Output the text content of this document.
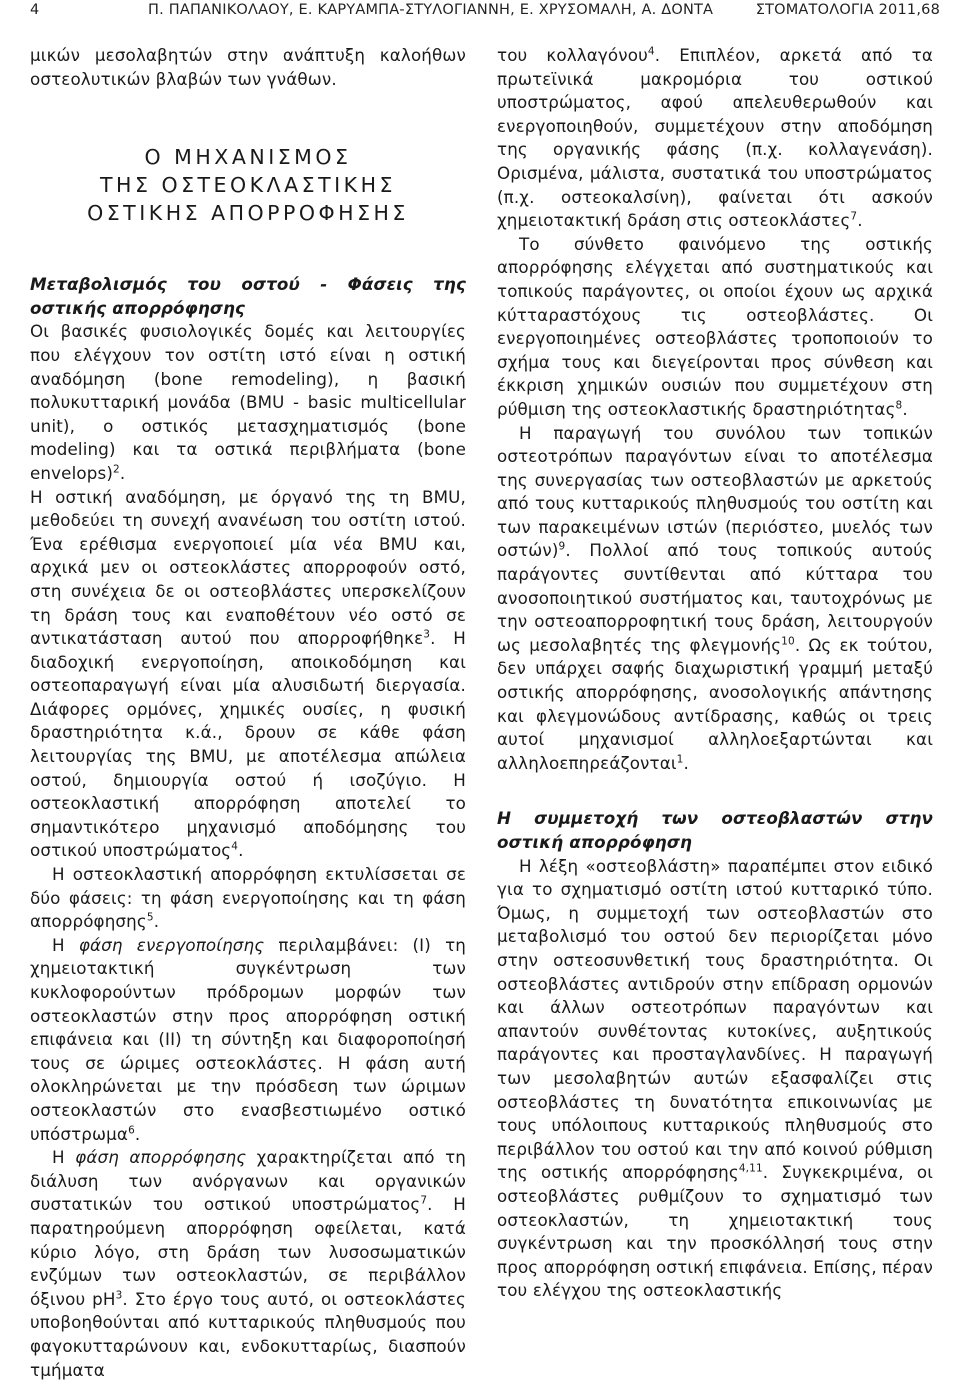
4	Π. ΠΑΠΑΝΙΚΟΛΑΟΥ, Ε. ΚΑΡΥΑΜΠΑ-ΣΤΥΛΟΓΙΑΝΝΗ, Ε. ΧΡΥΣΟΜΑΛΗ, Α. ΔΟΝΤΑ	ΣΤΟΜΑΤΟΛΟΓΙΑ 2011,68

μικών μεσολαβητών στην ανάπτυξη καλοήθων οστεολυτικών βλαβών των γνάθων.

Ο ΜΗΧΑΝΙΣΜΟΣ
ΤΗΣ ΟΣΤΕΟΚΛΑΣΤΙΚΗΣ
ΟΣΤΙΚΗΣ ΑΠΟΡΡΟΦΗΣΗΣ

Μεταβολισμός του οστού - Φάσεις της οστικής απορρόφησης

Οι βασικές φυσιολογικές δομές και λειτουργίες που ελέγχουν τον οστίτη ιστό είναι η οστική αναδόμηση (bone remodeling), η βασική πολυκυτταρική μονάδα (BMU - basic multicellular unit), ο οστικός μετασχηματισμός (bone modeling) και τα οστικά περιβλήματα (bone envelops)$^2$.

Η οστική αναδόμηση, με όργανό της τη BMU, μεθοδεύει τη συνεχή ανανέωση του οστίτη ιστού. Ένα ερέθισμα ενεργοποιεί μία νέα BMU και, αρχικά μεν οι οστεοκλάστες απορροφούν οστό, στη συνέχεια δε οι οστεοβλάστες υπερσκελίζουν τη δράση τους και εναποθέτουν νέο οστό σε αντικατάσταση αυτού που απορροφήθηκε$^3$. Η διαδοχική ενεργοποίηση, αποικοδόμηση και οστεοπαραγωγή είναι μία αλυσιδωτή διεργασία. Διάφορες ορμόνες, χημικές ουσίες, η φυσική δραστηριότητα κ.ά., δρουν σε κάθε φάση λειτουργίας της BMU, με αποτέλεσμα απώλεια οστού, δημιουργία οστού ή ισοζύγιο. Η οστεοκλαστική απορρόφηση αποτελεί το σημαντικότερο μηχανισμό αποδόμησης του οστικού υποστρώματος$^4$.

Η οστεοκλαστική απορρόφηση εκτυλίσσεται σε δύο φάσεις: τη φάση ενεργοποίησης και τη φάση απορρόφησης$^5$.

Η φάση ενεργοποίησης περιλαμβάνει: (Ι) τη χημειοτακτική συγκέντρωση των κυκλοφορούντων πρόδρομων μορφών των οστεοκλαστών στην προς απορρόφηση οστική επιφάνεια και (ΙΙ) τη σύντηξη και διαφοροποίησή τους σε ώριμες οστεοκλάστες. Η φάση αυτή ολοκληρώνεται με την πρόσδεση των ώριμων οστεοκλαστών στο ενασβεστιωμένο οστικό υπόστρωμα$^6$.

Η φάση απορρόφησης χαρακτηρίζεται από τη διάλυση των ανόργανων και οργανικών συστατικών του οστικού υποστρώματος$^7$. Η παρατηρούμενη απορρόφηση οφείλεται, κατά κύριο λόγο, στη δράση των λυσοσωματικών ενζύμων των οστεοκλαστών, σε περιβάλλον όξινου $pH^3$. Στο έργο τους αυτό, οι οστεοκλάστες υποβοηθούνται από κυτταρικούς πληθυσμούς που φαγοκυτταρώνουν και, ενδοκυτταρίως, διασπούν τμήματα

του κολλαγόνου$^4$. Επιπλέον, αρκετά από τα πρωτεϊνικά μακρομόρια του οστικού υποστρώματος, αφού απελευθερωθούν και ενεργοποιηθούν, συμμετέχουν στην αποδόμηση της οργανικής φάσης (π.χ. κολλαγενάση). Ορισμένα, μάλιστα, συστατικά του υποστρώματος (π.χ. οστεοκαλσίνη), φαίνεται ότι ασκούν χημειοτακτική δράση στις οστεοκλάστες$^7$.

Το σύνθετο φαινόμενο της οστικής απορρόφησης ελέγχεται από συστηματικούς και τοπικούς παράγοντες, οι οποίοι έχουν ως αρχικά κύτταραστόχους τις οστεοβλάστες. Οι ενεργοποιημένες οστεοβλάστες τροποποιούν το σχήμα τους και διεγείρονται προς σύνθεση και έκκριση χημικών ουσιών που συμμετέχουν στη ρύθμιση της οστεοκλαστικής δραστηριότητας$^8$.

Η παραγωγή του συνόλου των τοπικών οστεοτρόπων παραγόντων είναι το αποτέλεσμα της συνεργασίας των οστεοβλαστών με αρκετούς από τους κυτταρικούς πληθυσμούς του οστίτη και των παρακειμένων ιστών (περιόστεο, μυελός των οστών)$^9$. Πολλοί από τους τοπικούς αυτούς παράγοντες συντίθενται από κύτταρα του ανοσοποιητικού συστήματος και, ταυτοχρόνως με την οστεοαπορροφητική τους δράση, λειτουργούν ως μεσολαβητές της φλεγμονής$^{10}$. Ως εκ τούτου, δεν υπάρχει σαφής διαχωριστική γραμμή μεταξύ οστικής απορρόφησης, ανοσολογικής απάντησης και φλεγμονώδους αντίδρασης, καθώς οι τρεις αυτοί μηχανισμοί αλληλοεξαρτώνται και αλληλοεπηρεάζονται$^1$.

Η συμμετοχή των οστεοβλαστών στην οστική απορρόφηση

Η λέξη «οστεοβλάστη» παραπέμπει στον ειδικό για το σχηματισμό οστίτη ιστού κυτταρικό τύπο. Όμως, η συμμετοχή των οστεοβλαστών στο μεταβολισμό του οστού δεν περιορίζεται μόνο στην οστεοσυνθετική τους δραστηριότητα. Οι οστεοβλάστες αντιδρούν στην επίδραση ορμονών και άλλων οστεοτρόπων παραγόντων και απαντούν συνθέτοντας κυτοκίνες, αυξητικούς παράγοντες και προσταγλανδίνες. Η παραγωγή των μεσολαβητών αυτών εξασφαλίζει στις οστεοβλάστες τη δυνατότητα επικοινωνίας με τους υπόλοιπους κυτταρικούς πληθυσμούς στο περιβάλλον του οστού και την από κοινού ρύθμιση της οστικής απορρόφησης$^{4,11}$. Συγκεκριμένα, οι οστεοβλάστες ρυθμίζουν το σχηματισμό των οστεοκλαστών, τη χημειοτακτική τους συγκέντρωση και την προσκόλλησή τους στην προς απορρόφηση οστική επιφάνεια. Επίσης, πέραν του ελέγχου της οστεοκλαστικής
